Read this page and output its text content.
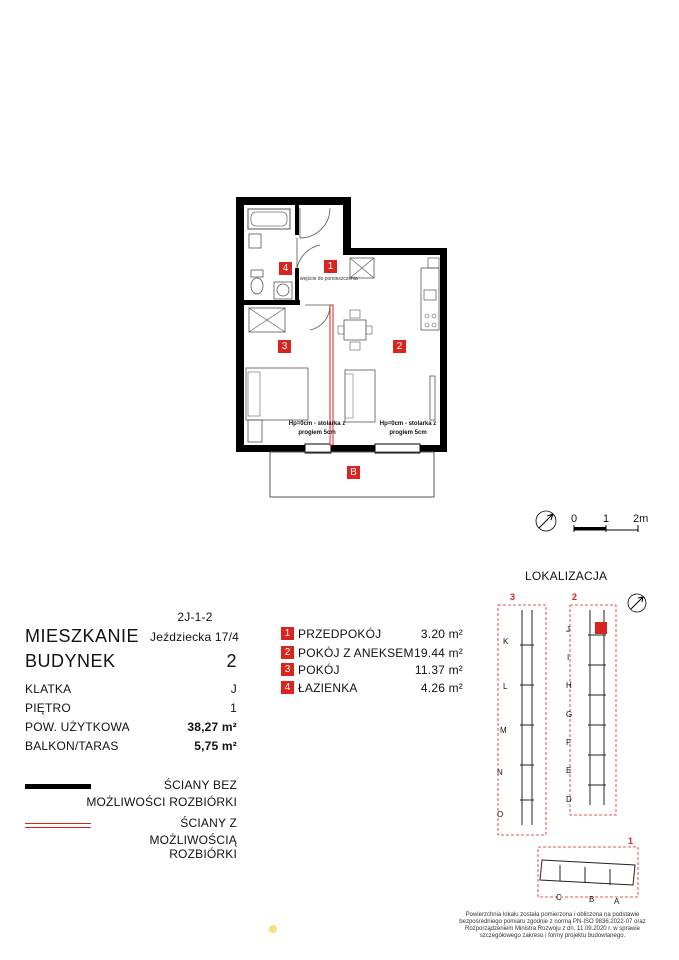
1
4
3	2
B
wejście do pomieszczenia
Hp=0cm - stolarka z progiem 5cm
Hp=0cm - stolarka z progiem 5cm
0 1 2m
2J-1-2
MIESZKANIE Jeździecka 17/4
BUDYNEK	2
KLATKA	J
PIĘTRO	1
POW. UŻYTKOWA	38,27 m²
BALKON/TARAS	5,75 m²
1 PRZEDPOKÓJ	3.20 m²
2 POKÓJ Z ANEKSEM 19.44 m²
3 POKÓJ	11.37 m²
4 ŁAZIENKA	4.26 m²
ŚCIANY BEZ
MOŻLIWOŚCI ROZBIÓRKI
ŚCIANY Z
MOŻLIWOŚCIĄ ROZBIÓRKI
LOKALIZACJA
3	2
1
K
L
M
N
O
J
I
H
G
F
E
D
C	B A
Powierzchnia lokalu została pomierzona i obliczona na podstawie bezpośredniego pomiaru zgodnie z normą PN-ISO 9836:2022-07 oraz Rozporządzeniem Ministra Rozwoju z dn. 11.09.2020 r. w sprawie szczegółowego zakresu i formy projektu budowlanego.
